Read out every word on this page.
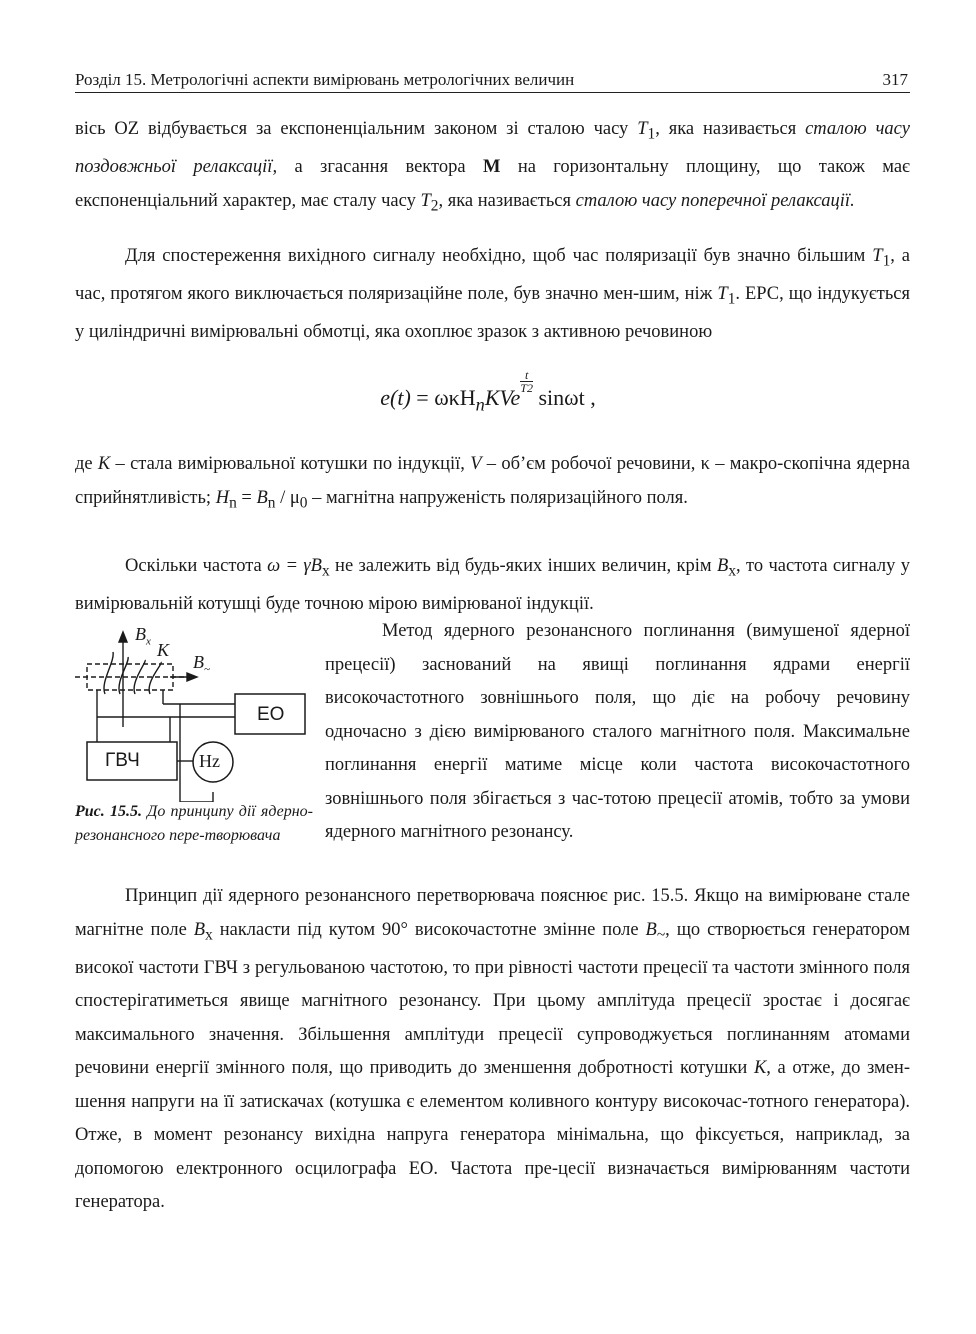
Розділ 15. Метрологічні аспекти вимірювань метрологічних величин	317

вісь OZ відбувається за експоненціальним законом зі сталою часу $T_1$, яка називається сталою часу поздовжньої релаксації, а згасання вектора M на горизонтальну площину, що також має експоненціальний характер, має сталу часу $T_2$, яка називається сталою часу поперечної релаксації.

Для спостереження вихідного сигналу необхідно, щоб час поляризації був значно більшим $T_1$, а час, протягом якого виключається поляризаційне поле, був значно мен-шим, ніж $T_1$. ЕРС, що індукується у циліндричні вимірювальні обмотці, яка охоплює зразок з активною речовиною

e(t) = ωκH$_n$KVe
$\frac{t}{T2}$ sinωt ,

де K – стала вимірювальної котушки по індукції, V – об’єм робочої речовини, κ – макро-скопічна ядерна сприйнятливість; $H_n = B_n / \mu_0$ – магнітна напруженість поляризаційного поля.

Оскільки частота $\omega = \gamma B_x$ не залежить від будь-яких інших величин, крім $B_x$, то частота сигналу у вимірювальній котушці буде точною мірою вимірюваної індукції.

$B_x$ K
$B_\sim$
ЕО
ГВЧ	Hz
Рис. 15.5. До принципу дії ядерно-резонансного пере-творювача

Метод ядерного резонансного поглинання (вимушеної ядерної прецесії) заснований на явищі поглинання ядрами енергії високочастотного зовнішнього поля, що діє на робочу речовину одночасно з дією вимірюваного сталого магнітного поля. Максимальне поглинання енергії матиме місце коли частота високочастотного зовнішнього поля збігається з час-тотою прецесії атомів, тобто за умови ядерного магнітного резонансу.

Принцип дії ядерного резонансного перетворювача пояснює рис. 15.5. Якщо на вимірюване стале магнітне поле $B_x$ накласти під кутом 90° високочастотне змінне поле $B_\sim$, що створюється генератором високої частоти ГВЧ з регульованою частотою, то при рівності частоти прецесії та частоти змінного поля спостерігатиметься явище магнітного резонансу. При цьому амплітуда прецесії зростає і досягає максимального значення. Збільшення амплітуди прецесії супроводжується поглинанням атомами речовини енергії змінного поля, що приводить до зменшення добротності котушки K, а отже, до змен-шення напруги на її затискачах (котушка є елементом коливного контуру високочас-тотного генератора). Отже, в момент резонансу вихідна напруга генератора мінімальна, що фіксується, наприклад, за допомогою електронного осцилографа ЕО. Частота пре-цесії визначається вимірюванням частоти генератора.
